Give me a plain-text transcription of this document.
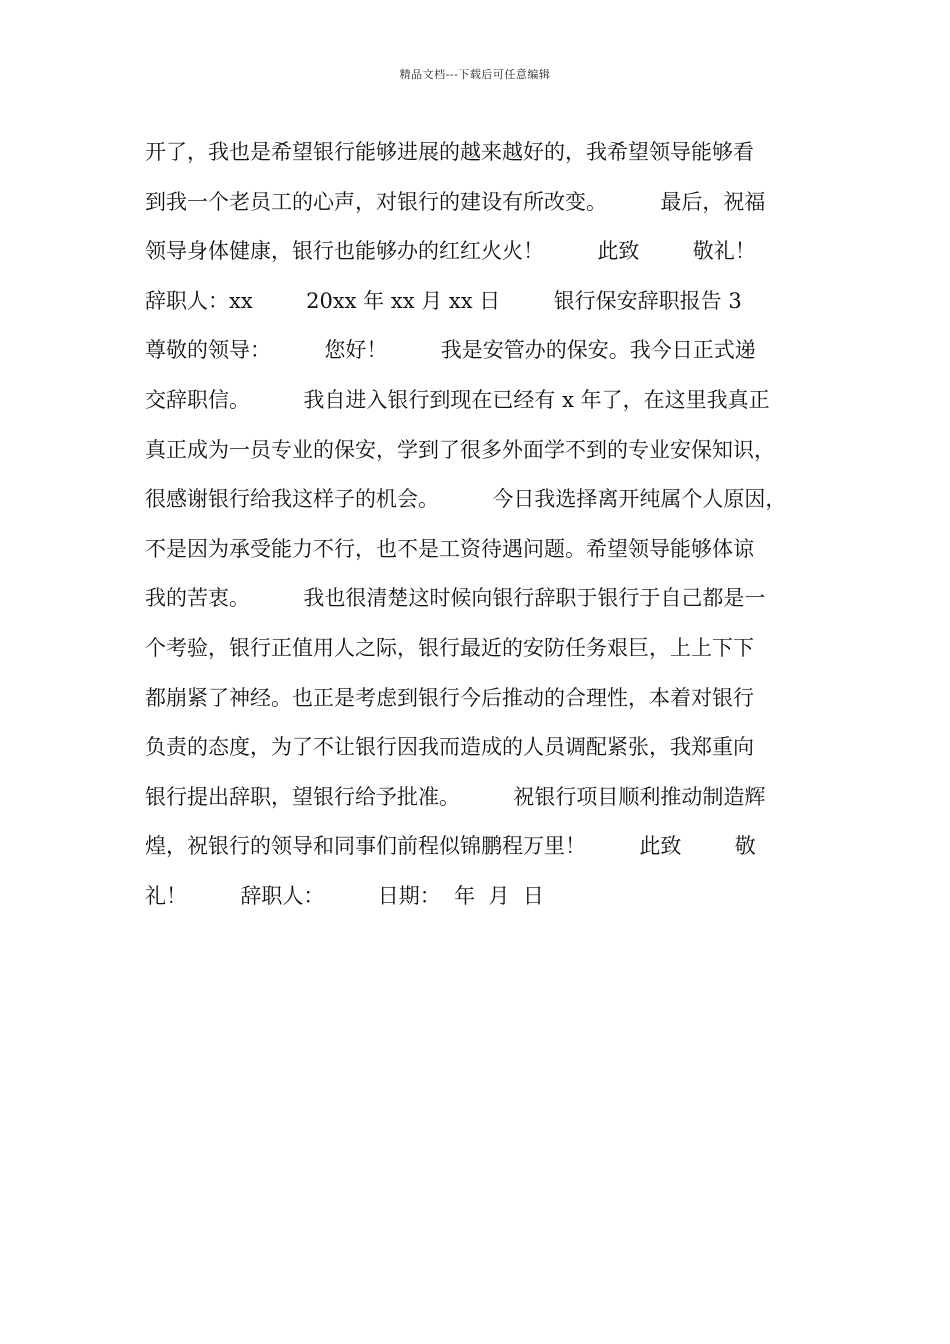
精品文档---下载后可任意编辑
开了，我也是希望银行能够进展的越来越好的，我希望领导能够看
到我一个老员工的心声，对银行的建设有所改变。        最后，祝福
领导身体健康，银行也能够办的红红火火！        此致        敬礼！
辞职人：xx        20xx 年 xx 月 xx 日        银行保安辞职报告 3
尊敬的领导：        您好！        我是安管办的保安。我今日正式递
交辞职信。        我自进入银行到现在已经有 x 年了，在这里我真正
真正成为一员专业的保安，学到了很多外面学不到的专业安保知识，
很感谢银行给我这样子的机会。        今日我选择离开纯属个人原因，
不是因为承受能力不行，也不是工资待遇问题。希望领导能够体谅
我的苦衷。        我也很清楚这时候向银行辞职于银行于自己都是一
个考验，银行正值用人之际，银行最近的安防任务艰巨，上上下下
都崩紧了神经。也正是考虑到银行今后推动的合理性，本着对银行
负责的态度，为了不让银行因我而造成的人员调配紧张，我郑重向
银行提出辞职，望银行给予批准。        祝银行项目顺利推动制造辉
煌，祝银行的领导和同事们前程似锦鹏程万里！        此致        敬
礼！        辞职人：        日期：  年  月  日
